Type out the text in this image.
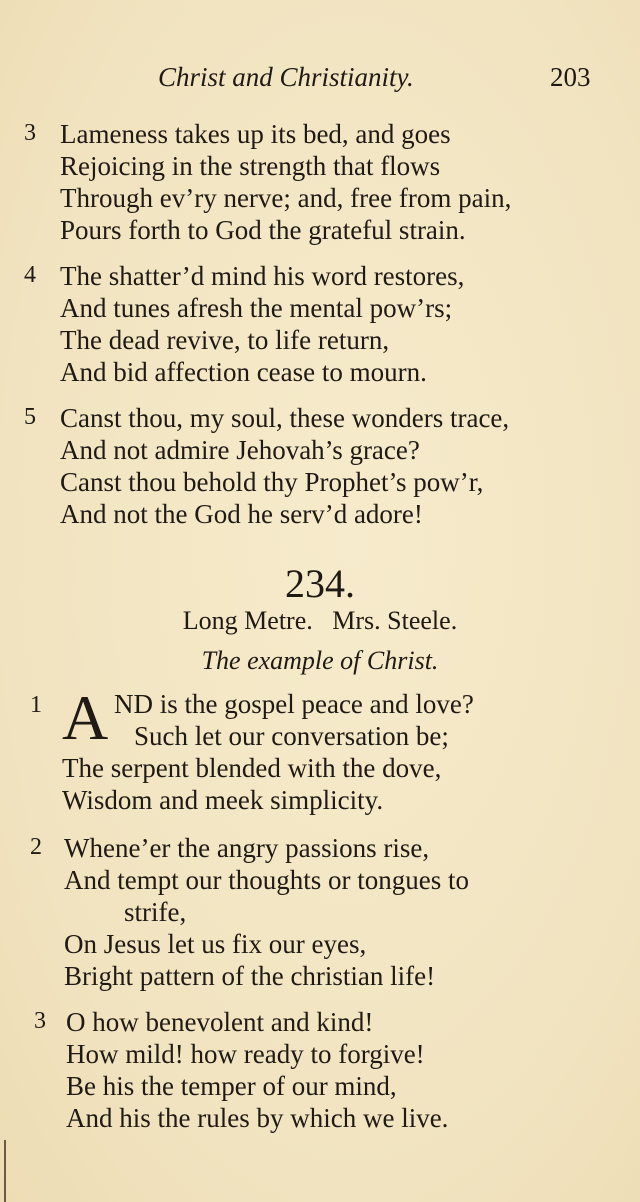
Christ and Christianity.	203
3 Lameness takes up its bed, and goes
Rejoicing in the strength that flows
Through ev’ry nerve; and, free from pain,
Pours forth to God the grateful strain.
4 The shatter’d mind his word restores,
And tunes afresh the mental pow’rs;
The dead revive, to life return,
And bid affection cease to mourn.
5 Canst thou, my soul, these wonders trace,
And not admire Jehovah’s grace?
Canst thou behold thy Prophet’s pow’r,
And not the God he serv’d adore!
234.
Long Metre. Mrs. Steele.
The example of Christ.
1 A ND is the gospel peace and love?
Such let our conversation be;
The serpent blended with the dove,
Wisdom and meek simplicity.
2 Whene’er the angry passions rise,
And tempt our thoughts or tongues to
strife,
On Jesus let us fix our eyes,
Bright pattern of the christian life!
3 O how benevolent and kind!
How mild! how ready to forgive!
Be his the temper of our mind,
And his the rules by which we live.
